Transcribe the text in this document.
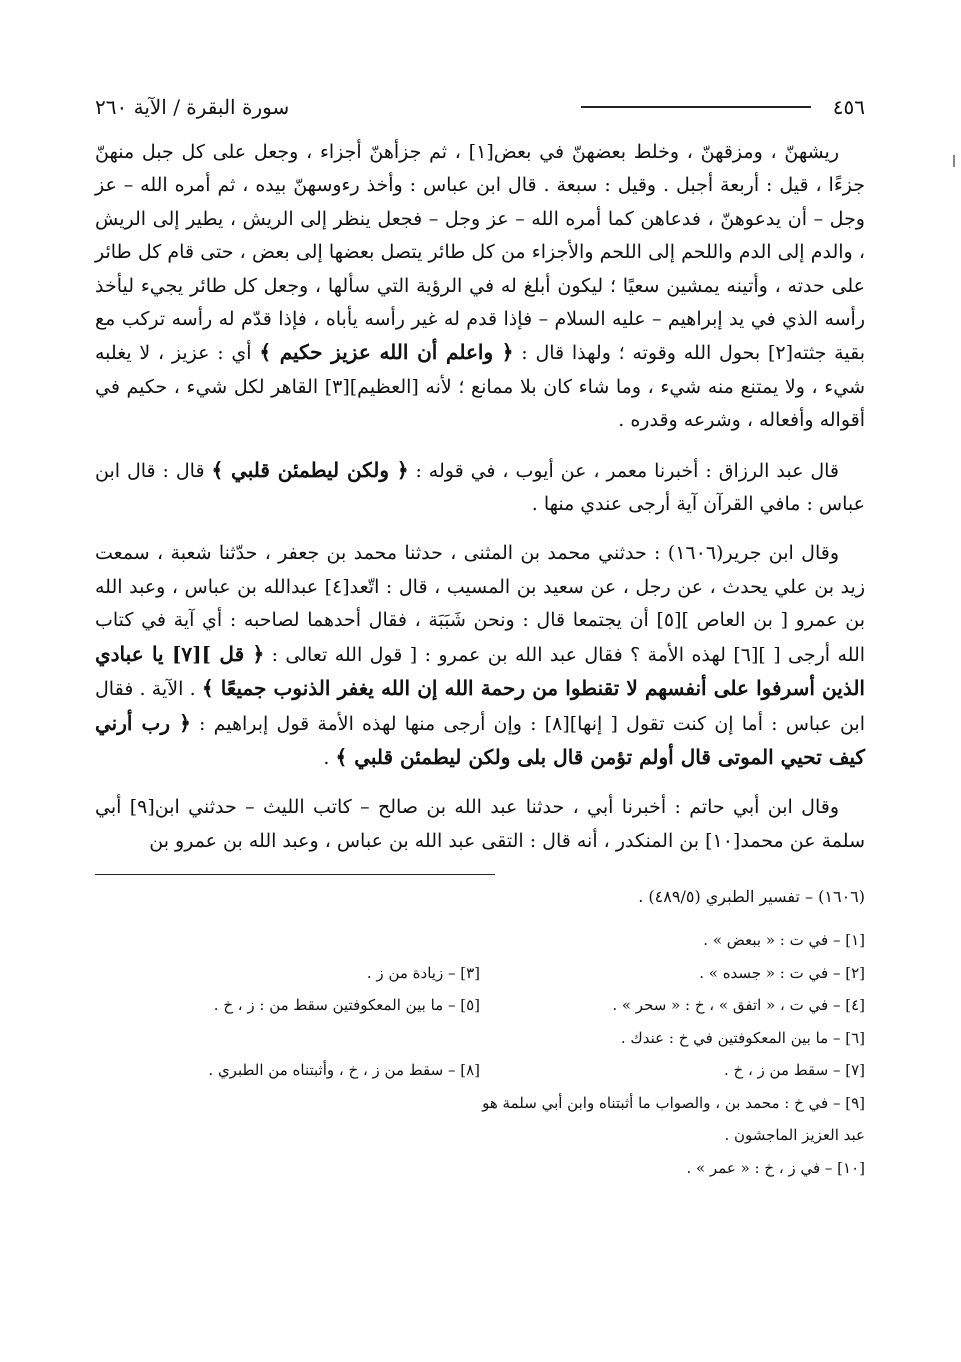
٤٥٦
سورة البقرة / الآية ٢٦٠

ريشهنّ ، ومزقهنّ ، وخلط بعضهنّ في بعض[١] ، ثم جزأهنّ أجزاء ، وجعل على كل جبل منهنّ جزءًا ، قيل : أربعة أجبل . وقيل : سبعة . قال ابن عباس : وأخذ رءوسهنّ بيده ، ثم أمره الله – عز وجل – أن يدعوهنّ ، فدعاهن كما أمره الله – عز وجل – فجعل ينظر إلى الريش ، يطير إلى الريش ، والدم إلى الدم واللحم إلى اللحم والأجزاء من كل طائر يتصل بعضها إلى بعض ، حتى قام كل طائر على حدته ، وأتينه يمشين سعيًا ؛ ليكون أبلغ له في الرؤية التي سألها ، وجعل كل طائر يجيء ليأخذ رأسه الذي في يد إبراهيم – عليه السلام – فإذا قدم له غير رأسه يأباه ، فإذا قدّم له رأسه تركب مع بقية جثته[٢] بحول الله وقوته ؛ ولهذا قال : ﴿ واعلم أن الله عزيز حكيم ﴾ أي : عزيز ، لا يغلبه شيء ، ولا يمتنع منه شيء ، وما شاء كان بلا ممانع ؛ لأنه [العظيم][٣] القاهر لكل شيء ، حكيم في أقواله وأفعاله ، وشرعه وقدره .

قال عبد الرزاق : أخبرنا معمر ، عن أيوب ، في قوله : ﴿ ولكن ليطمئن قلبي ﴾ قال : قال ابن عباس : مافي القرآن آية أرجى عندي منها .

وقال ابن جرير(١٦٠٦) : حدثني محمد بن المثنى ، حدثنا محمد بن جعفر ، حدّثنا شعبة ، سمعت زيد بن علي يحدث ، عن رجل ، عن سعيد بن المسيب ، قال : اتّعد[٤] عبدالله بن عباس ، وعبد الله بن عمرو [ بن العاص ][٥] أن يجتمعا قال : ونحن شَبَبَة ، فقال أحدهما لصاحبه : أي آية في كتاب الله أرجى [ ][٦] لهذه الأمة ؟ فقال عبد الله بن عمرو : [ قول الله تعالى : ﴿ قل ][٧] يا عبادي الذين أسرفوا على أنفسهم لا تقنطوا من رحمة الله إن الله يغفر الذنوب جميعًا ﴾ . الآية . فقال ابن عباس : أما إن كنت تقول [ إنها][٨] : وإن أرجى منها لهذه الأمة قول إبراهيم : ﴿ رب أرني كيف تحيي الموتى قال أولم تؤمن قال بلى ولكن ليطمئن قلبي ﴾ .

وقال ابن أبي حاتم : أخبرنا أبي ، حدثنا عبد الله بن صالح – كاتب الليث – حدثني ابن[٩] أبي سلمة عن محمد[١٠] بن المنكدر ، أنه قال : التقى عبد الله بن عباس ، وعبد الله بن عمرو بن

(١٦٠٦) – تفسير الطبري (٤٨٩/٥) .
[١] – في ت : « ببعض » .
[٢] – في ت : « جسده » .
[٣] – زيادة من ز .
[٤] – في ت ، « اتفق » ، خ : « سحر » .
[٥] – ما بين المعكوفتين سقط من : ز ، خ .
[٦] – ما بين المعكوفتين في خ : عندك .
[٧] – سقط من ز ، خ .
[٨] – سقط من ز ، خ ، وأثبتناه من الطبري .
[٩] – في خ : محمد بن ، والصواب ما أثبتناه وابن أبي سلمة هو عبد العزيز الماجشون .
[١٠] – في ز ، خ : « عمر » .
